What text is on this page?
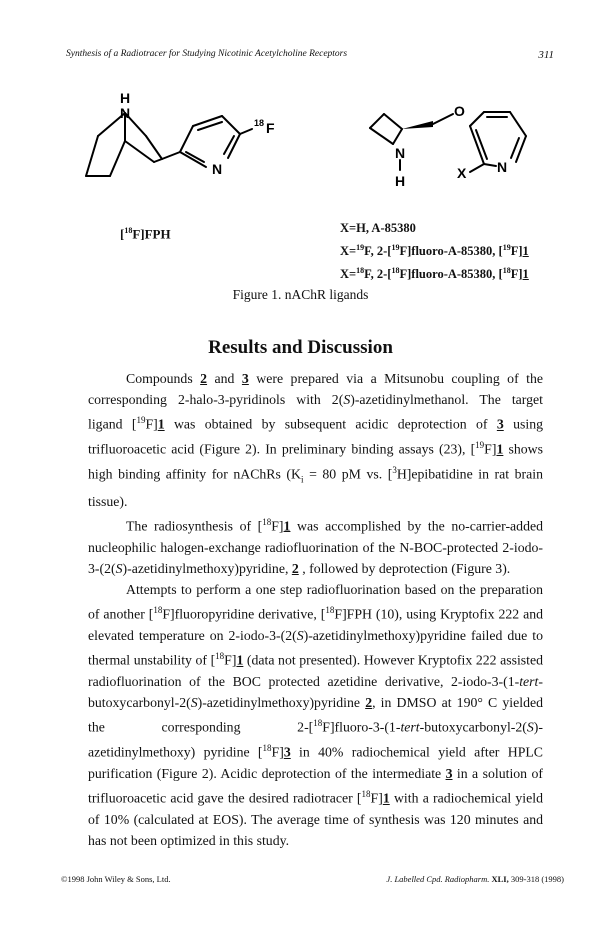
Synthesis of a Radiotracer for Studying Nicotinic Acetylcholine Receptors	311
H
N
N
18 F
O
N
H	X N
[$^{18}$F]FPH	X=H, A-85380
X=$^{19}$F, 2-[$^{19}$F]fluoro-A-85380, [$^{19}$F]1
X=$^{18}$F, 2-[$^{18}$F]fluoro-A-85380, [$^{18}$F]1
Figure 1. nAChR ligands
Results and Discussion

Compounds 2 and 3 were prepared via a Mitsunobu coupling of the corresponding 2-halo-3-pyridinols with 2(S)-azetidinylmethanol. The target ligand [$^{19}$F]1 was obtained by subsequent acidic deprotection of 3 using trifluoroacetic acid (Figure 2). In preliminary binding assays (23), [$^{19}$F]1 shows high binding affinity for nAChRs ($K_i = 80$ pM vs. [$^3$H]epibatidine in rat brain tissue).

The radiosynthesis of [$^{18}$F]1 was accomplished by the no-carrier-added nucleophilic halogen-exchange radiofluorination of the N-BOC-protected 2-iodo-3-(2(S)-azetidinylmethoxy)pyridine, 2 , followed by deprotection (Figure 3).

Attempts to perform a one step radiofluorination based on the preparation of another [$^{18}$F]fluoropyridine derivative, [$^{18}$F]FPH (10), using Kryptofix 222 and elevated temperature on 2-iodo-3-(2(S)-azetidinylmethoxy)pyridine failed due to thermal unstability of [$^{18}$F]1 (data not presented). However Kryptofix 222 assisted radiofluorination of the BOC protected azetidine derivative, 2-iodo-3-(1-tert-butoxycarbonyl-2(S)-azetidinylmethoxy)pyridine 2, in DMSO at 190° C yielded the corresponding 2-[$^{18}$F]fluoro-3-(1-tert-butoxycarbonyl-2(S)-azetidinylmethoxy) pyridine [$^{18}$F]3 in 40% radiochemical yield after HPLC purification (Figure 2). Acidic deprotection of the intermediate 3 in a solution of trifluoroacetic acid gave the desired radiotracer [$^{18}$F]1 with a radiochemical yield of 10% (calculated at EOS). The average time of synthesis was 120 minutes and has not been optimized in this study.

©1998 John Wiley & Sons, Ltd.	J. Labelled Cpd. Radiopharm. XLI, 309-318 (1998)
